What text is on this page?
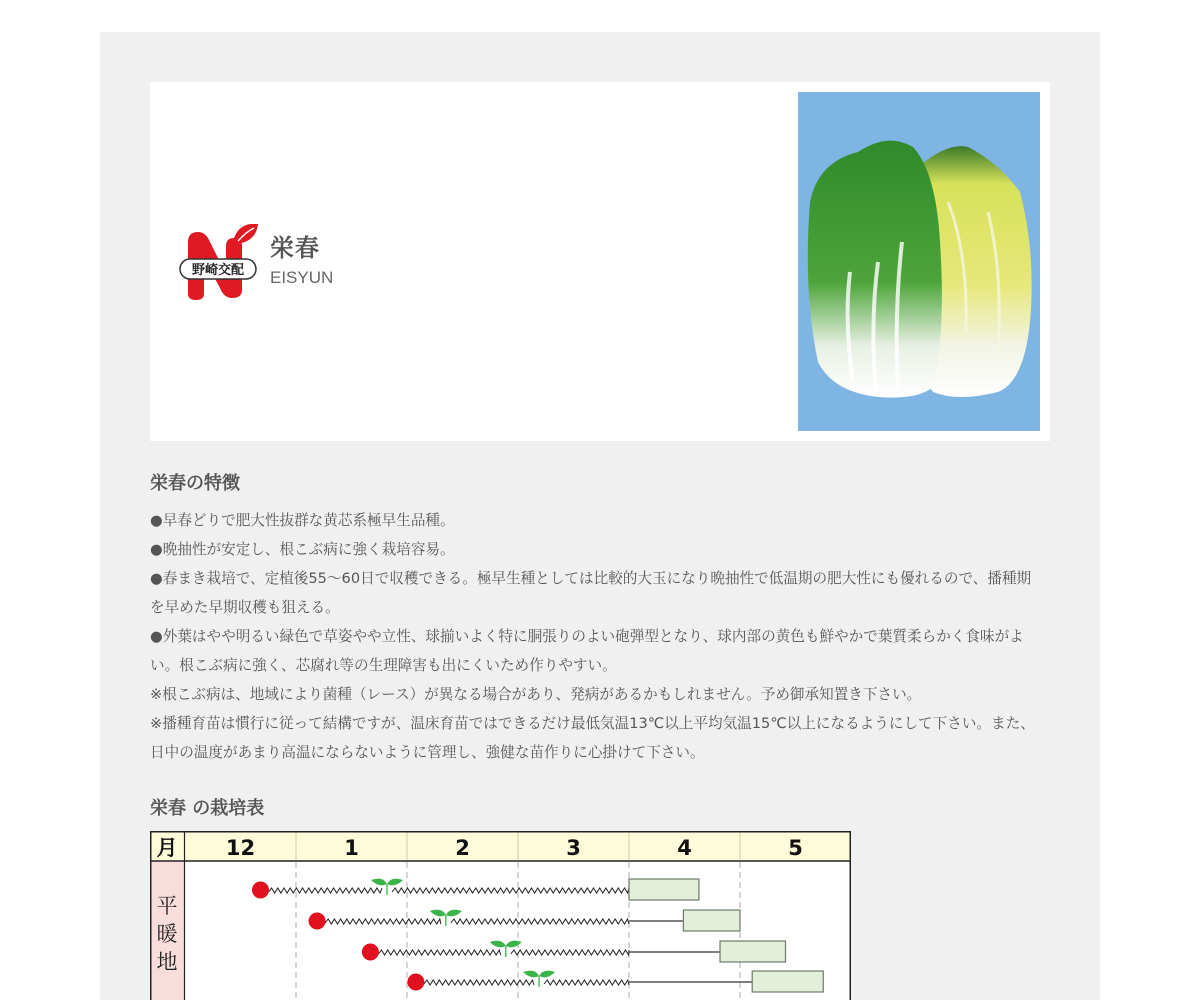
野崎交配
栄春
EISYUN
栄春の特徴

●早春どりで肥大性抜群な黄芯系極早生品種。

●晩抽性が安定し、根こぶ病に強く栽培容易。

●春まき栽培で、定植後55〜60日で収穫できる。極早生種としては比較的大玉になり晩抽性で低温期の肥大性にも優れるので、播種期を早めた早期収穫も狙える。

●外葉はやや明るい緑色で草姿やや立性、球揃いよく特に胴張りのよい砲弾型となり、球内部の黄色も鮮やかで葉質柔らかく食味がよい。根こぶ病に強く、芯腐れ等の生理障害も出にくいため作りやすい。

※根こぶ病は、地域により菌種（レース）が異なる場合があり、発病があるかもしれません。予め御承知置き下さい。

※播種育苗は慣行に従って結構ですが、温床育苗ではできるだけ最低気温13℃以上平均気温15℃以上になるようにして下さい。また、日中の温度があまり高温にならないように管理し、強健な苗作りに心掛けて下さい。

栄春 の栽培表
月 12	1	2	3	4	5
平
暖
地
